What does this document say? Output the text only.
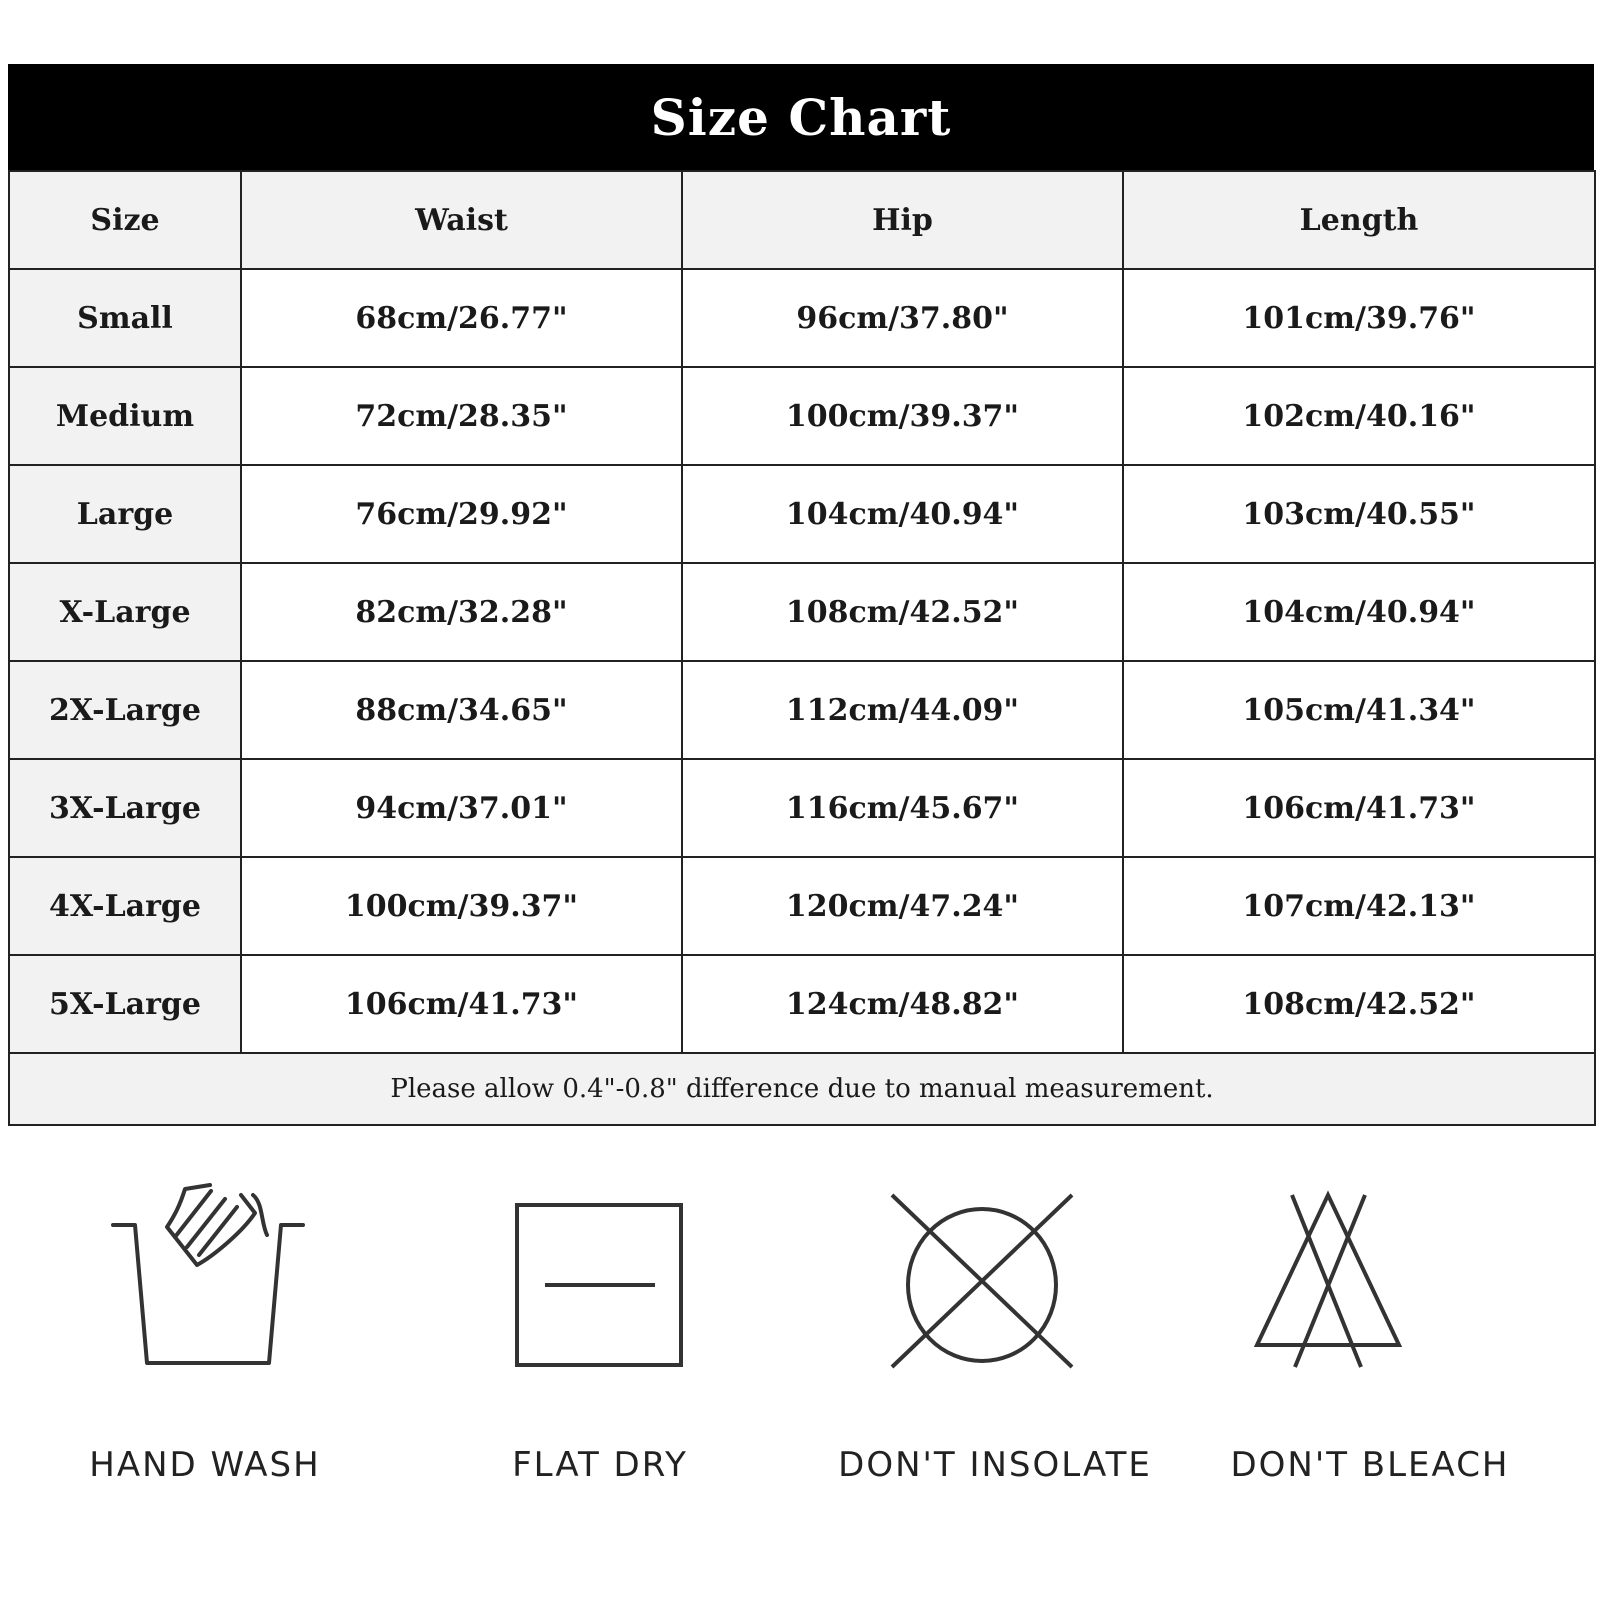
Size Chart
Size	Waist	Hip	Length
Small	68cm/26.77"	96cm/37.80"	101cm/39.76"
Medium	72cm/28.35"	100cm/39.37"	102cm/40.16"
Large	76cm/29.92"	104cm/40.94"	103cm/40.55"
X-Large	82cm/32.28"	108cm/42.52"	104cm/40.94"
2X-Large	88cm/34.65"	112cm/44.09"	105cm/41.34"
3X-Large	94cm/37.01"	116cm/45.67"	106cm/41.73"
4X-Large	100cm/39.37"	120cm/47.24"	107cm/42.13"
5X-Large	106cm/41.73"	124cm/48.82"	108cm/42.52"
Please allow 0.4"-0.8" difference due to manual measurement.			
HAND WASH	FLAT DRY	DON'T INSOLATE	DON'T BLEACH
